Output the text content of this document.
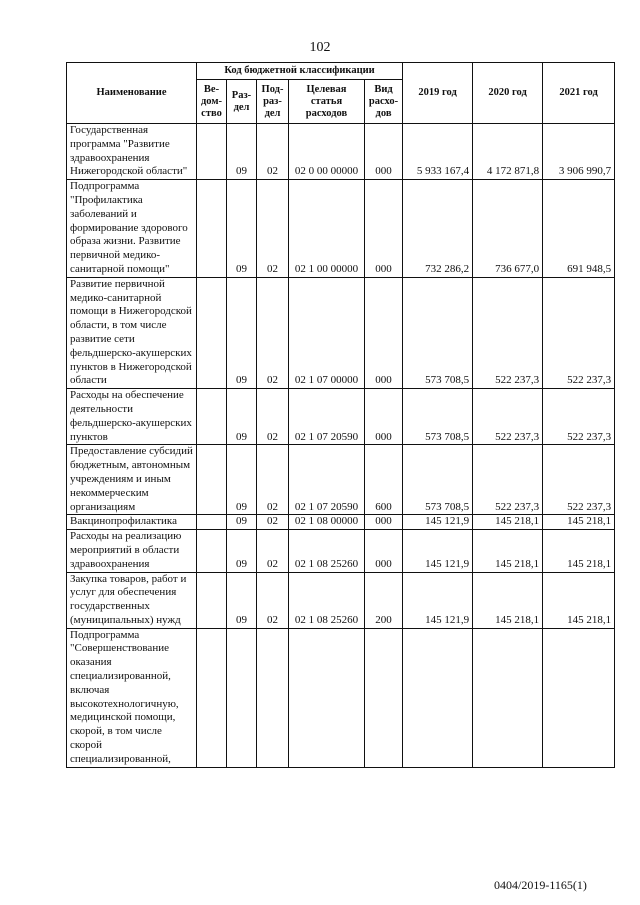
102
Наименование	Код бюджетной классификации					2019 год	2020 год	2021 год
	Ве-дом-ство	Раз-дел	Под-раз-дел	Целевая статья расходов	Вид расхо-дов			
Государственная программа "Развитие здравоохранения Нижегородской области"		09	02	02 0 00 00000	000	5 933 167,4	4 172 871,8	3 906 990,7
Подпрограмма "Профилактика заболеваний и формирование здорового образа жизни. Развитие первичной медико-санитарной помощи"		09	02	02 1 00 00000	000	732 286,2	736 677,0	691 948,5
Развитие первичной медико-санитарной помощи в Нижегородской области, в том числе развитие сети фельдшерско-акушерских пунктов в Нижегородской области		09	02	02 1 07 00000	000	573 708,5	522 237,3	522 237,3
Расходы на обеспечение деятельности фельдшерско-акушерских пунктов		09	02	02 1 07 20590	000	573 708,5	522 237,3	522 237,3
Предоставление субсидий бюджетным, автономным учреждениям и иным некоммерческим организациям		09	02	02 1 07 20590	600	573 708,5	522 237,3	522 237,3
Вакцинопрофилактика		09	02	02 1 08 00000	000	145 121,9	145 218,1	145 218,1
Расходы на реализацию мероприятий в области здравоохранения		09	02	02 1 08 25260	000	145 121,9	145 218,1	145 218,1
Закупка товаров, работ и услуг для обеспечения государственных (муниципальных) нужд		09	02	02 1 08 25260	200	145 121,9	145 218,1	145 218,1
Подпрограмма "Совершенствование оказания специализированной, включая высокотехнологичную, медицинской помощи, скорой, в том числе скорой специализированной,								
0404/2019-1165(1)
